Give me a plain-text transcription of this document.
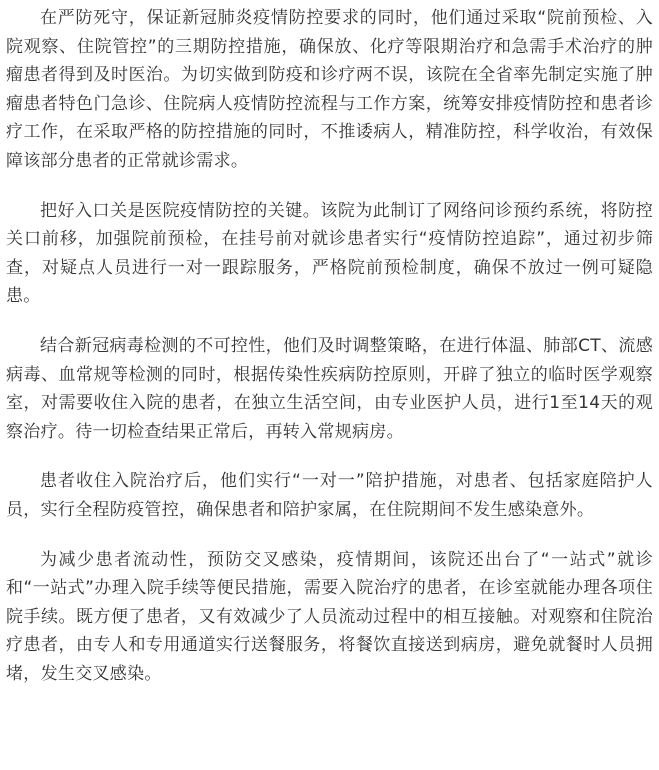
在严防死守，保证新冠肺炎疫情防控要求的同时，他们通过采取“院前预检、入院观察、住院管控”的三期防控措施，确保放、化疗等限期治疗和急需手术治疗的肿瘤患者得到及时医治。为切实做到防疫和诊疗两不误，该院在全省率先制定实施了肿瘤患者特色门急诊、住院病人疫情防控流程与工作方案，统筹安排疫情防控和患者诊疗工作，在采取严格的防控措施的同时，不推诿病人，精准防控，科学收治，有效保障该部分患者的正常就诊需求。

把好入口关是医院疫情防控的关键。该院为此制订了网络问诊预约系统，将防控关口前移，加强院前预检，在挂号前对就诊患者实行“疫情防控追踪”，通过初步筛查，对疑点人员进行一对一跟踪服务，严格院前预检制度，确保不放过一例可疑隐患。

结合新冠病毒检测的不可控性，他们及时调整策略，在进行体温、肺部CT、流感病毒、血常规等检测的同时，根据传染性疾病防控原则，开辟了独立的临时医学观察室，对需要收住入院的患者，在独立生活空间，由专业医护人员，进行1至14天的观察治疗。待一切检查结果正常后，再转入常规病房。

患者收住入院治疗后，他们实行“一对一”陪护措施，对患者、包括家庭陪护人员，实行全程防疫管控，确保患者和陪护家属，在住院期间不发生感染意外。

为减少患者流动性，预防交叉感染，疫情期间，该院还出台了“一站式”就诊和“一站式”办理入院手续等便民措施，需要入院治疗的患者，在诊室就能办理各项住院手续。既方便了患者，又有效减少了人员流动过程中的相互接触。对观察和住院治疗患者，由专人和专用通道实行送餐服务，将餐饮直接送到病房，避免就餐时人员拥堵，发生交叉感染。
